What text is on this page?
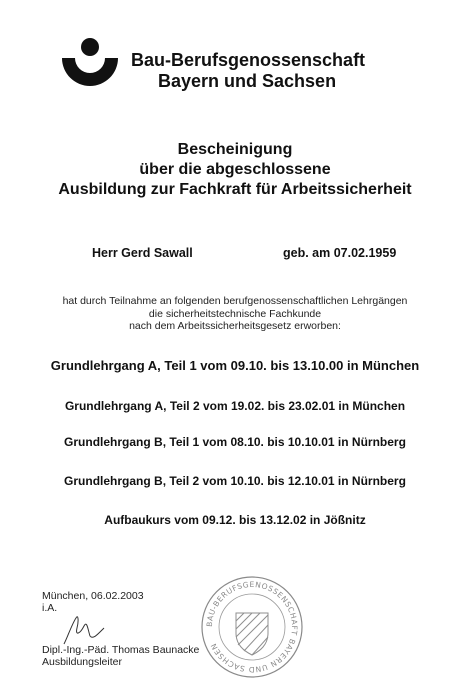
Bau-Berufsgenossenschaft
Bayern und Sachsen
Bescheinigung
über die abgeschlossene
Ausbildung zur Fachkraft für Arbeitssicherheit
Herr Gerd Sawall	geb. am 07.02.1959
hat durch Teilnahme an folgenden berufgenossenschaftlichen Lehrgängen
die sicherheitstechnische Fachkunde
nach dem Arbeitssicherheitsgesetz erworben:
Grundlehrgang A, Teil 1 vom 09.10. bis 13.10.00 in München
Grundlehrgang A, Teil 2 vom 19.02. bis 23.02.01 in München
Grundlehrgang B, Teil 1 vom 08.10. bis 10.10.01 in Nürnberg
Grundlehrgang B, Teil 2 vom 10.10. bis 12.10.01 in Nürnberg
Aufbaukurs vom 09.12. bis 13.12.02 in Jößnitz
München, 06.02.2003
i.A.
Dipl.-Ing.-Päd. Thomas Baunacke
Ausbildungsleiter
BAU-BERUFSGENOSSENSCHAFT BAYERN UND SACHSEN
